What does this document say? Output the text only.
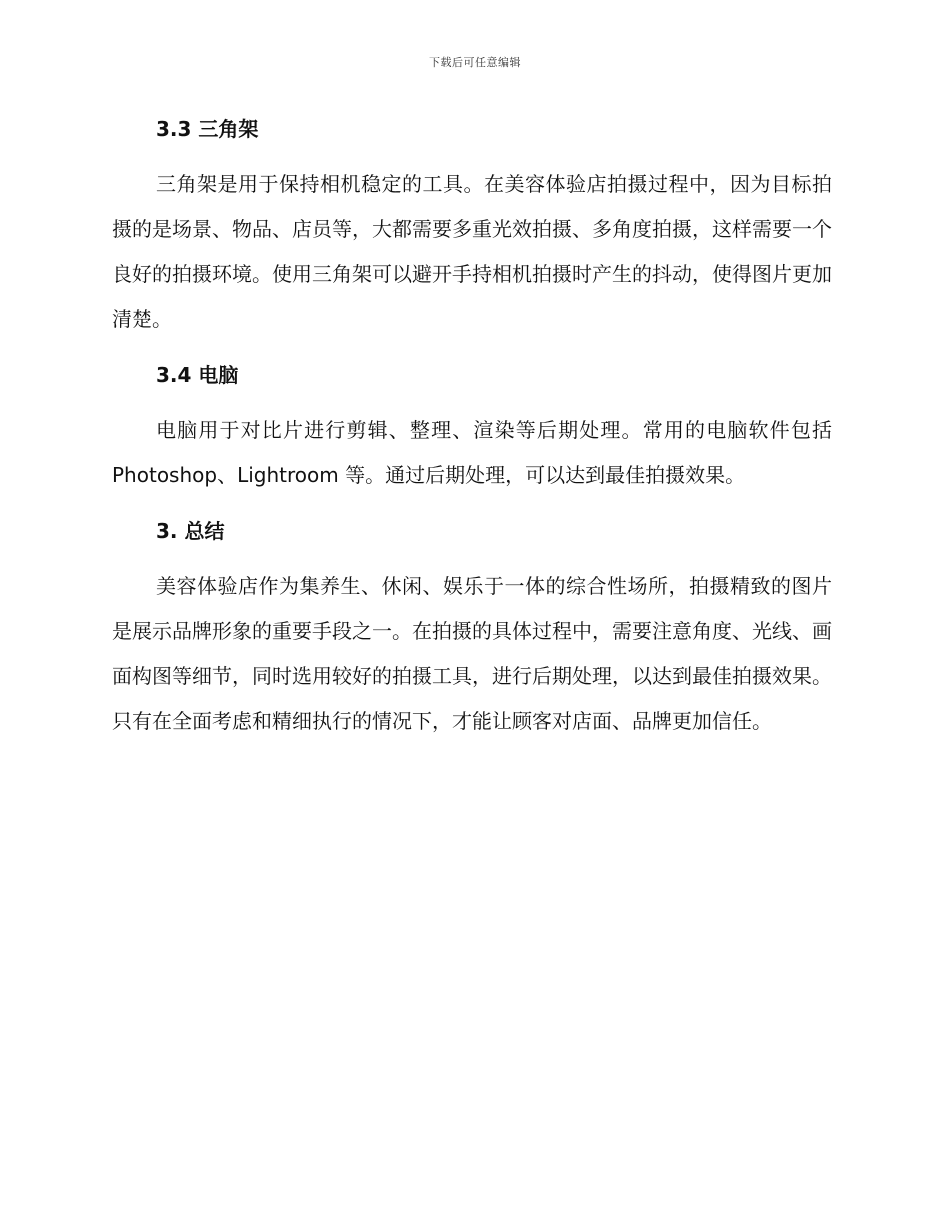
下载后可任意编辑
3.3 三角架

三角架是用于保持相机稳定的工具。在美容体验店拍摄过程中，因为目标拍摄的是场景、物品、店员等，大都需要多重光效拍摄、多角度拍摄，这样需要一个良好的拍摄环境。使用三角架可以避开手持相机拍摄时产生的抖动，使得图片更加清楚。

3.4 电脑

电脑用于对比片进行剪辑、整理、渲染等后期处理。常用的电脑软件包括 Photoshop、Lightroom 等。通过后期处理，可以达到最佳拍摄效果。

3. 总结

美容体验店作为集养生、休闲、娱乐于一体的综合性场所，拍摄精致的图片是展示品牌形象的重要手段之一。在拍摄的具体过程中，需要注意角度、光线、画面构图等细节，同时选用较好的拍摄工具，进行后期处理，以达到最佳拍摄效果。只有在全面考虑和精细执行的情况下，才能让顾客对店面、品牌更加信任。
